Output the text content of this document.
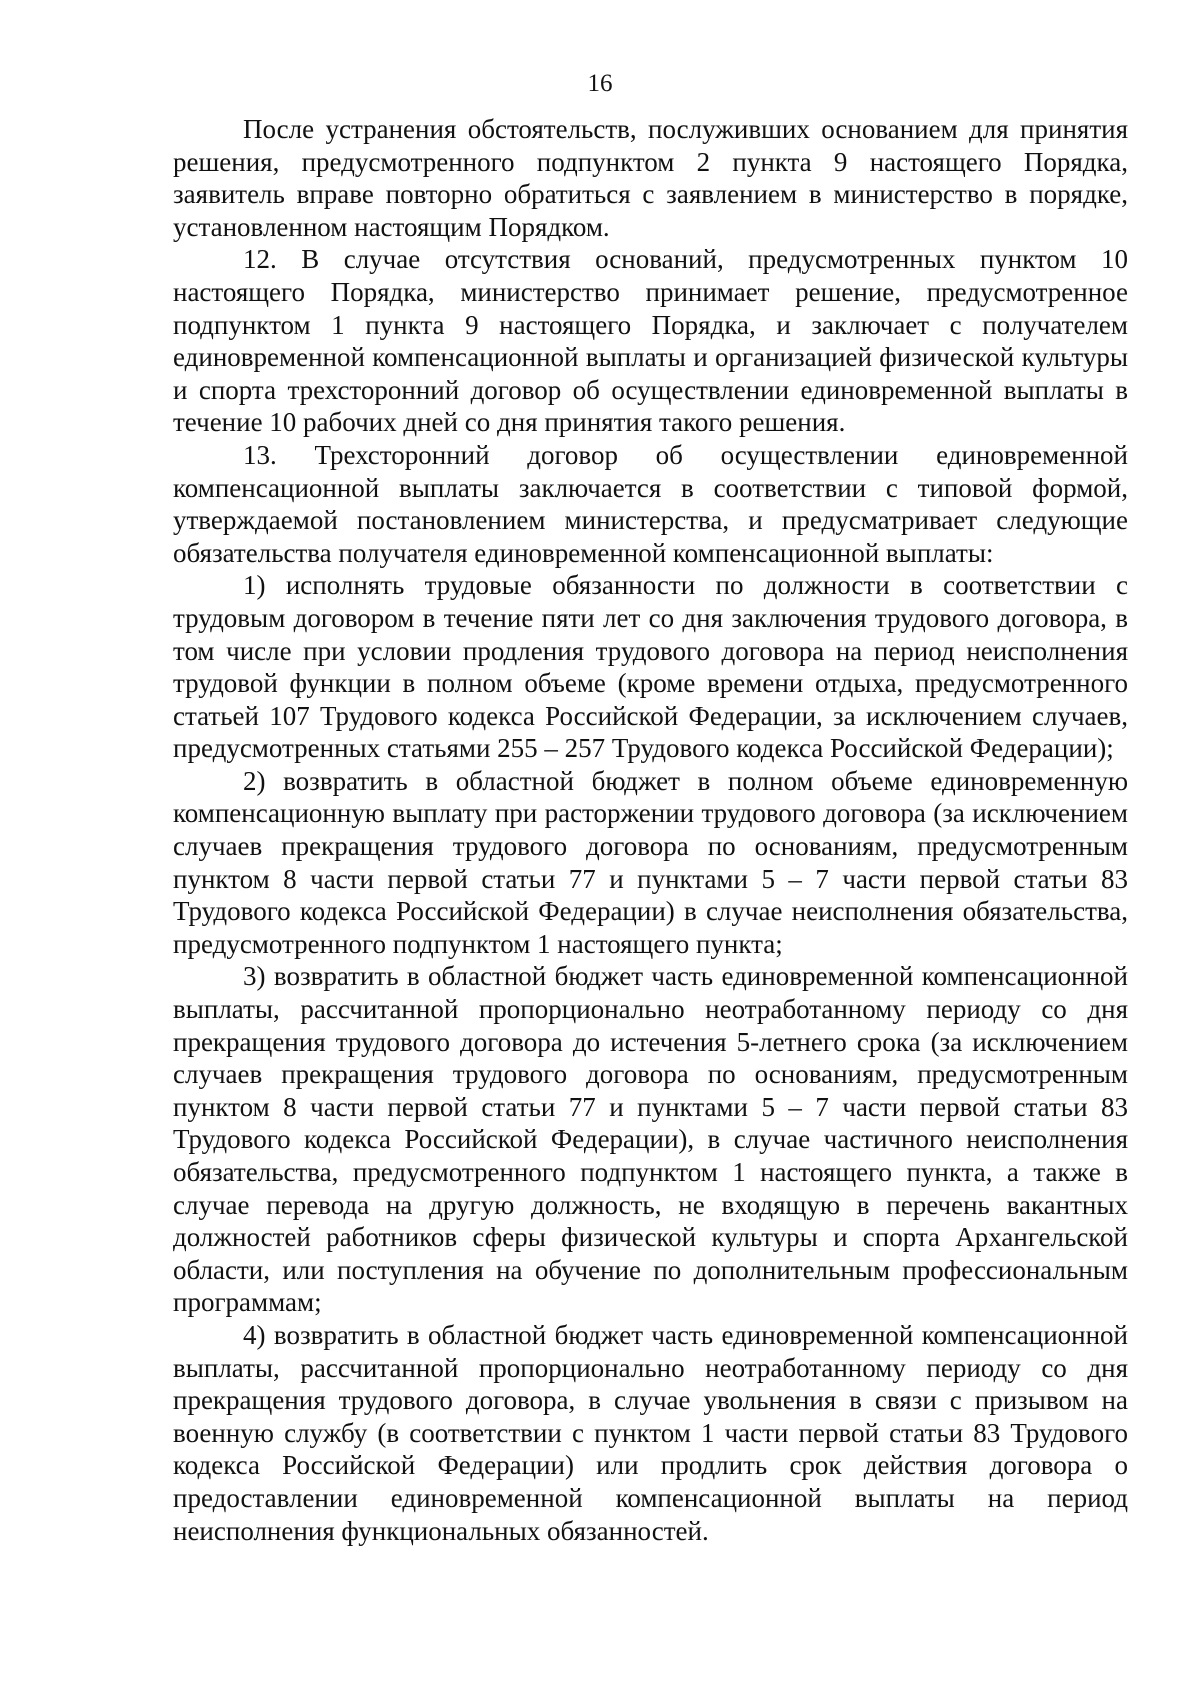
16

После устранения обстоятельств, послуживших основанием для принятия решения, предусмотренного подпунктом 2 пункта 9 настоящего Порядка, заявитель вправе повторно обратиться с заявлением в министерство в порядке, установленном настоящим Порядком.

12. В случае отсутствия оснований, предусмотренных пунктом 10 настоящего Порядка, министерство принимает решение, предусмотренное подпунктом 1 пункта 9 настоящего Порядка, и заключает с получателем единовременной компенсационной выплаты и организацией физической культуры и спорта трехсторонний договор об осуществлении единовременной выплаты в течение 10 рабочих дней со дня принятия такого решения.

13. Трехсторонний договор об осуществлении единовременной компенсационной выплаты заключается в соответствии с типовой формой, утверждаемой постановлением министерства, и предусматривает следующие обязательства получателя единовременной компенсационной выплаты:

1) исполнять трудовые обязанности по должности в соответствии с трудовым договором в течение пяти лет со дня заключения трудового договора, в том числе при условии продления трудового договора на период неисполнения трудовой функции в полном объеме (кроме времени отдыха, предусмотренного статьей 107 Трудового кодекса Российской Федерации, за исключением случаев, предусмотренных статьями 255 – 257 Трудового кодекса Российской Федерации);

2) возвратить в областной бюджет в полном объеме единовременную компенсационную выплату при расторжении трудового договора (за исключением случаев прекращения трудового договора по основаниям, предусмотренным пунктом 8 части первой статьи 77 и пунктами 5 – 7 части первой статьи 83 Трудового кодекса Российской Федерации) в случае неисполнения обязательства, предусмотренного подпунктом 1 настоящего пункта;

3) возвратить в областной бюджет часть единовременной компенсационной выплаты, рассчитанной пропорционально неотработанному периоду со дня прекращения трудового договора до истечения 5-летнего срока (за исключением случаев прекращения трудового договора по основаниям, предусмотренным пунктом 8 части первой статьи 77 и пунктами 5 – 7 части первой статьи 83 Трудового кодекса Российской Федерации), в случае частичного неисполнения обязательства, предусмотренного подпунктом 1 настоящего пункта, а также в случае перевода на другую должность, не входящую в перечень вакантных должностей работников сферы физической культуры и спорта Архангельской области, или поступления на обучение по дополнительным профессиональным программам;

4) возвратить в областной бюджет часть единовременной компенсационной выплаты, рассчитанной пропорционально неотработанному периоду со дня прекращения трудового договора, в случае увольнения в связи с призывом на военную службу (в соответствии с пунктом 1 части первой статьи 83 Трудового кодекса Российской Федерации) или продлить срок действия договора о предоставлении единовременной компенсационной выплаты на период неисполнения функциональных обязанностей.
